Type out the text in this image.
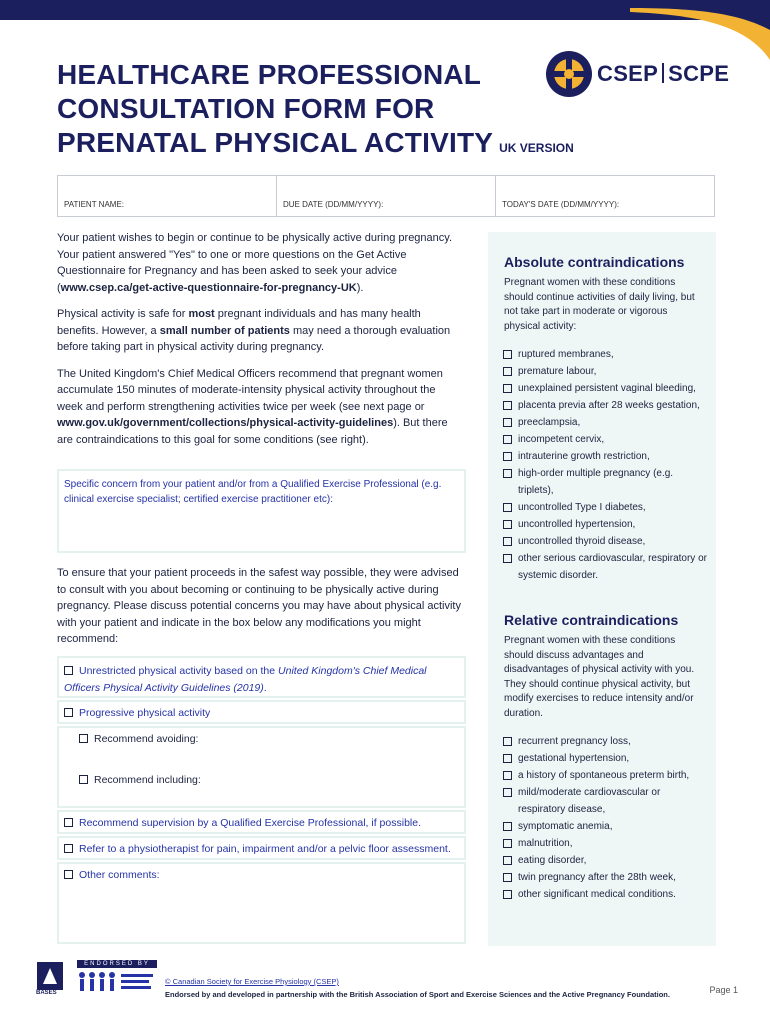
HEALTHCARE PROFESSIONAL
CONSULTATION FORM FOR
PRENATAL PHYSICAL ACTIVITY UK VERSION
CSEP SCPE
PATIENT NAME:	DUE DATE (DD/MM/YYYY):	TODAY'S DATE (DD/MM/YYYY):

Your patient wishes to begin or continue to be physically active during pregnancy. Your patient answered "Yes" to one or more questions on the Get Active Questionnaire for Pregnancy and has been asked to seek your advice (www.csep.ca/get-active-questionnaire-for-pregnancy-UK).

Physical activity is safe for most pregnant individuals and has many health benefits. However, a small number of patients may need a thorough evaluation before taking part in physical activity during pregnancy.

The United Kingdom's Chief Medical Officers recommend that pregnant women accumulate 150 minutes of moderate-intensity physical activity throughout the week and perform strengthening activities twice per week (see next page or www.gov.uk/government/collections/physical-activity-guidelines). But there are contraindications to this goal for some conditions (see right).

Specific concern from your patient and/or from a Qualified Exercise Professional (e.g. clinical exercise specialist; certified exercise practitioner etc):
To ensure that your patient proceeds in the safest way possible, they were advised to consult with you about becoming or continuing to be physically active during pregnancy. Please discuss potential concerns you may have about physical activity with your patient and indicate in the box below any modifications you might recommend:
Unrestricted physical activity based on the United Kingdom's Chief Medical Officers Physical Activity Guidelines (2019).
Progressive physical activity
Recommend avoiding:
Recommend including:
Recommend supervision by a Qualified Exercise Professional, if possible.
Refer to a physiotherapist for pain, impairment and/or a pelvic floor assessment.
Other comments:
Absolute contraindications
Pregnant women with these conditions should continue activities of daily living, but not take part in moderate or vigorous physical activity:
ruptured membranes,
premature labour,
unexplained persistent vaginal bleeding,
placenta previa after 28 weeks gestation,
preeclampsia,
incompetent cervix,
intrauterine growth restriction,
high-order multiple pregnancy (e.g. triplets),
uncontrolled Type I diabetes,
uncontrolled hypertension,
uncontrolled thyroid disease,
other serious cardiovascular, respiratory or systemic disorder.
Relative contraindications
Pregnant women with these conditions should discuss advantages and disadvantages of physical activity with you. They should continue physical activity, but modify exercises to reduce intensity and/or duration.
recurrent pregnancy loss,
gestational hypertension,
a history of spontaneous preterm birth,
mild/moderate cardiovascular or respiratory disease,
symptomatic anemia,
malnutrition,
eating disorder,
twin pregnancy after the 28th week,
other significant medical conditions.
ENDORSED BY
BASES
© Canadian Society for Exercise Physiology (CSEP)
Endorsed by and developed in partnership with the British Association of Sport and Exercise Sciences and the Active Pregnancy Foundation.	Page 1
